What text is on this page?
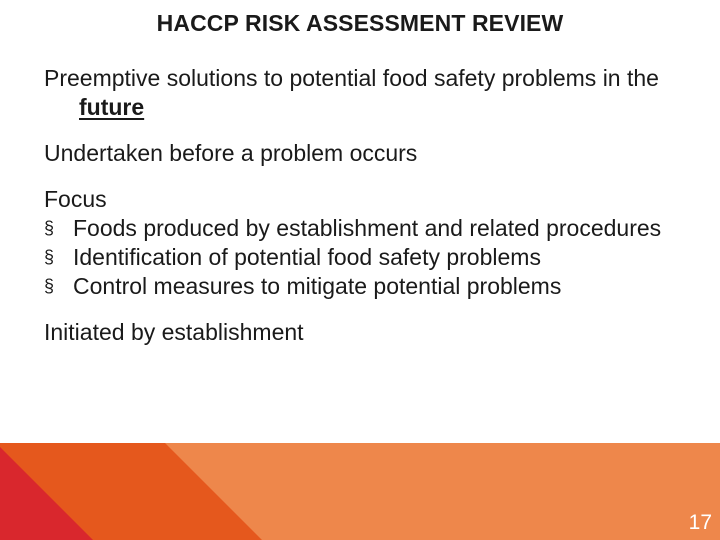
HACCP RISK ASSESSMENT REVIEW
Preemptive solutions to potential food safety problems in the future
Undertaken before a problem occurs
Focus
§ Foods produced by establishment and related procedures
§ Identification of potential food safety problems
§ Control measures to mitigate potential problems
Initiated by establishment
17
